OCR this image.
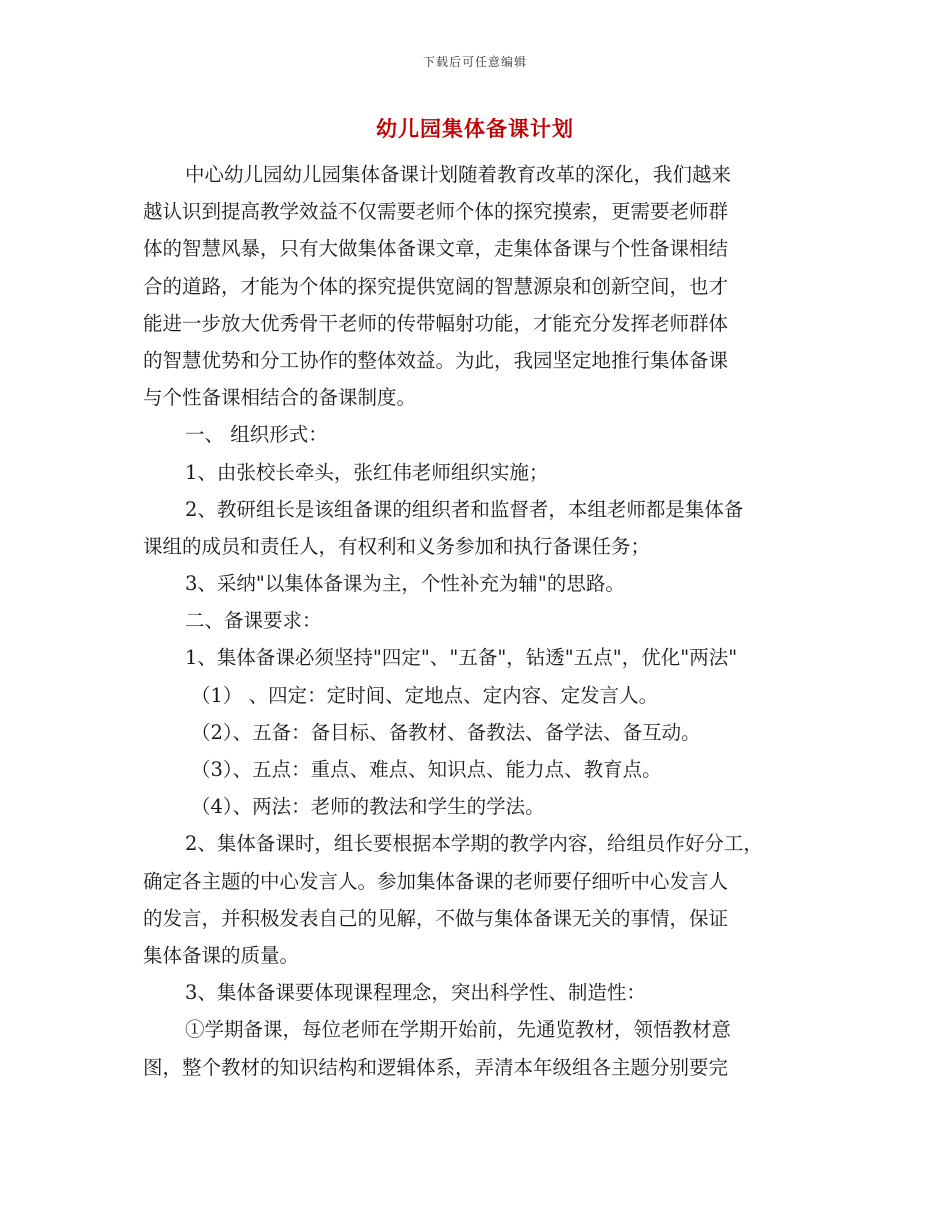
下载后可任意编辑
幼儿园集体备课计划
中心幼儿园幼儿园集体备课计划随着教育改革的深化，我们越来
越认识到提高教学效益不仅需要老师个体的探究摸索，更需要老师群
体的智慧风暴，只有大做集体备课文章，走集体备课与个性备课相结
合的道路，才能为个体的探究提供宽阔的智慧源泉和创新空间，也才
能进一步放大优秀骨干老师的传带幅射功能，才能充分发挥老师群体
的智慧优势和分工协作的整体效益。为此，我园坚定地推行集体备课
与个性备课相结合的备课制度。
一、 组织形式：
1、由张校长牵头，张红伟老师组织实施；
2、教研组长是该组备课的组织者和监督者，本组老师都是集体备
课组的成员和责任人，有权利和义务参加和执行备课任务；
3、采纳"以集体备课为主，个性补充为辅"的思路。
二、备课要求：
1、集体备课必须坚持"四定"、"五备"，钻透"五点"，优化"两法"
（1） 、四定：定时间、定地点、定内容、定发言人。
（2）、五备：备目标、备教材、备教法、备学法、备互动。
（3）、五点：重点、难点、知识点、能力点、教育点。
（4）、两法：老师的教法和学生的学法。
2、集体备课时，组长要根据本学期的教学内容，给组员作好分工，
确定各主题的中心发言人。参加集体备课的老师要仔细听中心发言人
的发言，并积极发表自己的见解，不做与集体备课无关的事情，保证
集体备课的质量。
3、集体备课要体现课程理念，突出科学性、制造性：
①学期备课，每位老师在学期开始前，先通览教材，领悟教材意
图，整个教材的知识结构和逻辑体系，弄清本年级组各主题分别要完
